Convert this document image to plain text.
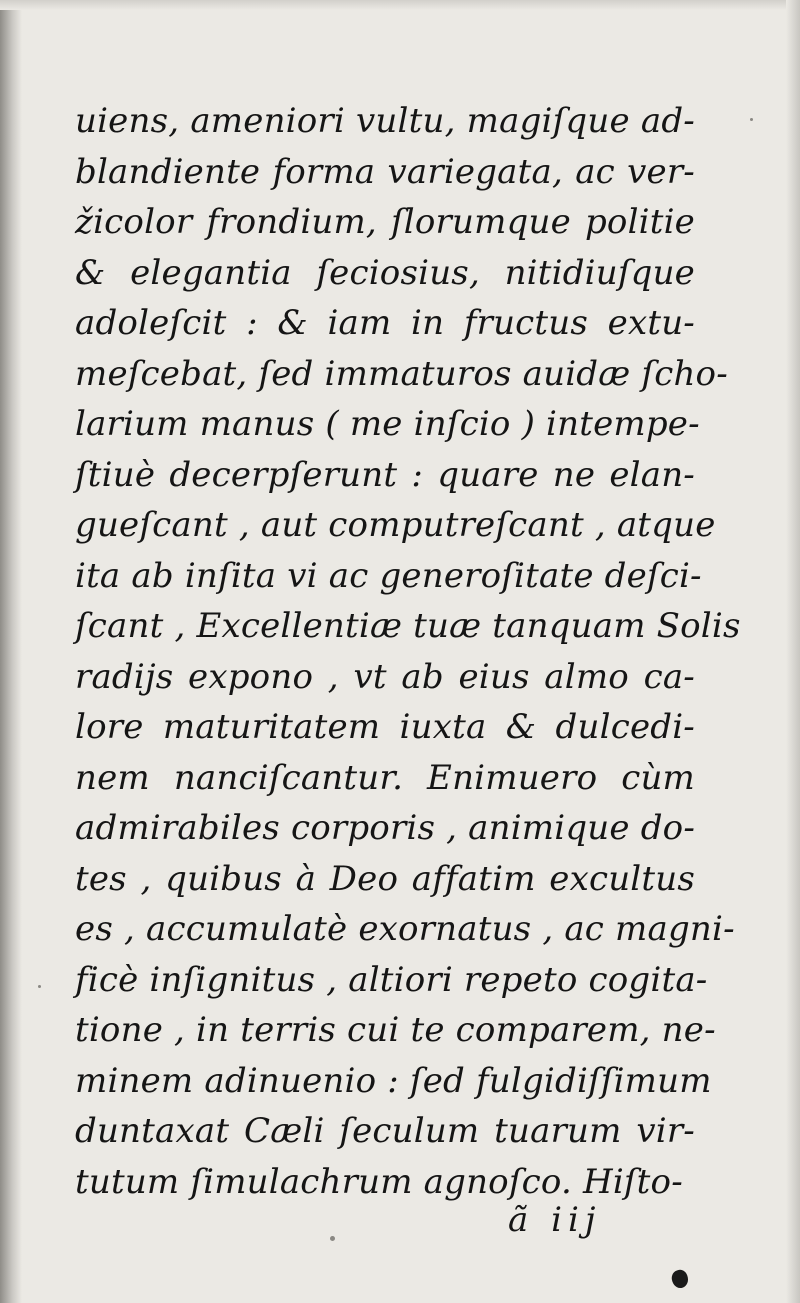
uiens, ameniori vultu, magiſque ad-
blandiente forma variegata, ac ver-
žicolor frondium, ſlorumque politie
& elegantia ſeciosius, nitidiuſque
adoleſcit : & iam in fructus extu-
meſcebat, ſed immaturos auidæ ſcho-
larium manus ( me inſcio ) intempe-
ſtiuè decerpſerunt : quare ne elan-
gueſcant , aut computreſcant , atque
ita ab inſita vi ac generoſitate deſci-
ſcant , Excellentiæ tuæ tanquam Solis
radijs expono , vt ab eius almo ca-
lore maturitatem iuxta & dulcedi-
nem nanciſcantur. Enimuero cùm
admirabiles corporis , animique do-
tes , quibus à Deo affatim excultus
es , accumulatè exornatus , ac magni-
ficè inſignitus , altiori repeto cogita-
tione , in terris cui te comparem, ne-
minem adinuenio : ſed fulgidiſſimum
duntaxat Cæli ſeculum tuarum vir-
tutum ſimulachrum agnoſco. Hiſto-
ã iij
